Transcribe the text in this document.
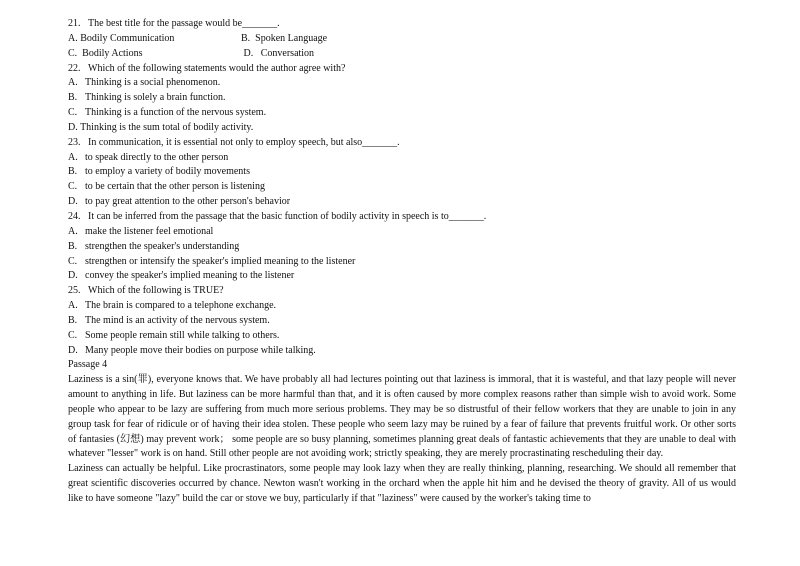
21. The best title for the passage would be_______.
A. Bodily Communication	B. Spoken Language
C. Bodily Actions	D. Conversation
22. Which of the following statements would the author agree with?
A. Thinking is a social phenomenon.
B. Thinking is solely a brain function.
C. Thinking is a function of the nervous system.
D. Thinking is the sum total of bodily activity.
23. In communication, it is essential not only to employ speech, but also_______.
A. to speak directly to the other person
B. to employ a variety of bodily movements
C. to be certain that the other person is listening
D. to pay great attention to the other person's behavior
24. It can be inferred from the passage that the basic function of bodily activity in speech is to_______.
A. make the listener feel emotional
B. strengthen the speaker's understanding
C. strengthen or intensify the speaker's implied meaning to the listener
D. convey the speaker's implied meaning to the listener
25. Which of the following is TRUE?
A. The brain is compared to a telephone exchange.
B. The mind is an activity of the nervous system.
C. Some people remain still while talking to others.
D. Many people move their bodies on purpose while talking.
Passage 4
Laziness is a sin(罪), everyone knows that. We have probably all had lectures pointing out that laziness is immoral, that it is wasteful, and that lazy people will never amount to anything in life. But laziness can be more harmful than that, and it is often caused by more complex reasons rather than simple wish to avoid work. Some people who appear to be lazy are suffering from much more serious problems. They may be so distrustful of their fellow workers that they are unable to join in any group task for fear of ridicule or of having their idea stolen. These people who seem lazy may be ruined by a fear of failure that prevents fruitful work. Or other sorts of fantasies (幻想) may prevent work； some people are so busy planning, sometimes planning great deals of fantastic achievements that they are unable to deal with whatever "lesser" work is on hand. Still other people are not avoiding work; strictly speaking, they are merely procrastinating rescheduling their day.
Laziness can actually be helpful. Like procrastinators, some people may look lazy when they are really thinking, planning, researching. We should all remember that great scientific discoveries occurred by chance. Newton wasn't working in the orchard when the apple hit him and he devised the theory of gravity. All of us would like to have someone "lazy" build the car or stove we buy, particularly if that "laziness" were caused by the worker's taking time to
